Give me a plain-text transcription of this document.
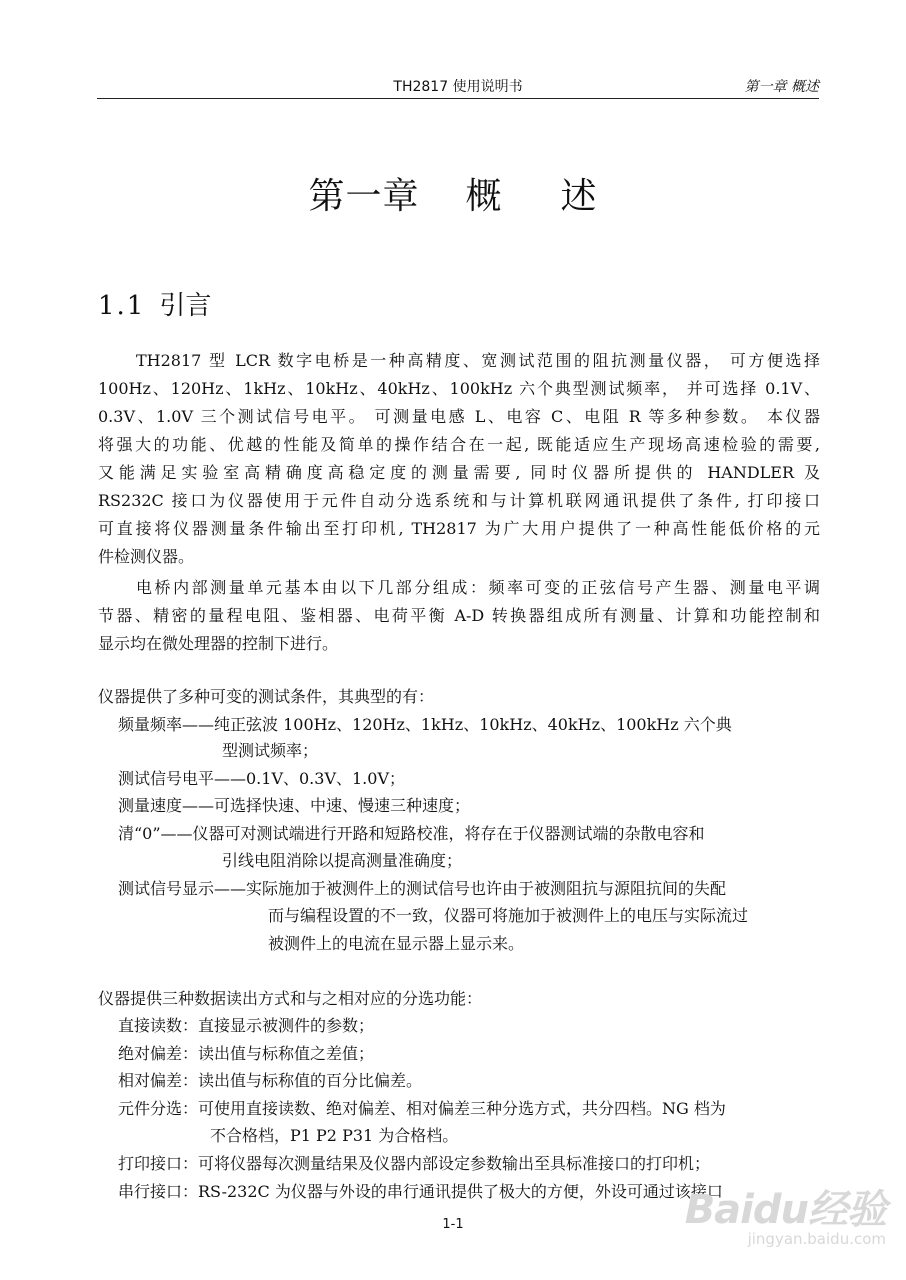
TH2817 使用说明书	第一章 概述
第一章 概 述
1.1 引言
TH2817 型 LCR 数字电桥是一种高精度、宽测试范围的阻抗测量仪器， 可方便选择
100Hz、120Hz、1kHz、10kHz、40kHz、100kHz 六个典型测试频率， 并可选择 0.1V、
0.3V、1.0V 三个测试信号电平。 可测量电感 L、电容 C、电阻 R 等多种参数。 本仪器
将强大的功能、优越的性能及简单的操作结合在一起, 既能适应生产现场高速检验的需要,
又能满足实验室高精确度高稳定度的测量需要, 同时仪器所提供的 HANDLER 及
RS232C 接口为仪器使用于元件自动分选系统和与计算机联网通讯提供了条件, 打印接口
可直接将仪器测量条件输出至打印机, TH2817 为广大用户提供了一种高性能低价格的元
件检测仪器。
电桥内部测量单元基本由以下几部分组成：频率可变的正弦信号产生器、测量电平调
节器、精密的量程电阻、鉴相器、电荷平衡 A-D 转换器组成所有测量、计算和功能控制和
显示均在微处理器的控制下进行。
仪器提供了多种可变的测试条件，其典型的有：
频量频率——纯正弦波 100Hz、120Hz、1kHz、10kHz、40kHz、100kHz 六个典
型测试频率；
测试信号电平——0.1V、0.3V、1.0V；
测量速度——可选择快速、中速、慢速三种速度；
清“0”——仪器可对测试端进行开路和短路校准，将存在于仪器测试端的杂散电容和
引线电阻消除以提高测量准确度；
测试信号显示——实际施加于被测件上的测试信号也许由于被测阻抗与源阻抗间的失配
而与编程设置的不一致，仪器可将施加于被测件上的电压与实际流过
被测件上的电流在显示器上显示来。
仪器提供三种数据读出方式和与之相对应的分选功能：
直接读数：直接显示被测件的参数；
绝对偏差：读出值与标称值之差值；
相对偏差：读出值与标称值的百分比偏差。
元件分选：可使用直接读数、绝对偏差、相对偏差三种分选方式，共分四档。NG 档为
不合格档，P1 P2 P31 为合格档。
打印接口：可将仪器每次测量结果及仪器内部设定参数输出至具标准接口的打印机；
串行接口：RS-232C 为仪器与外设的串行通讯提供了极大的方便，外设可通过该接口
1-1	Baidu经验
jingyan.baidu.com
